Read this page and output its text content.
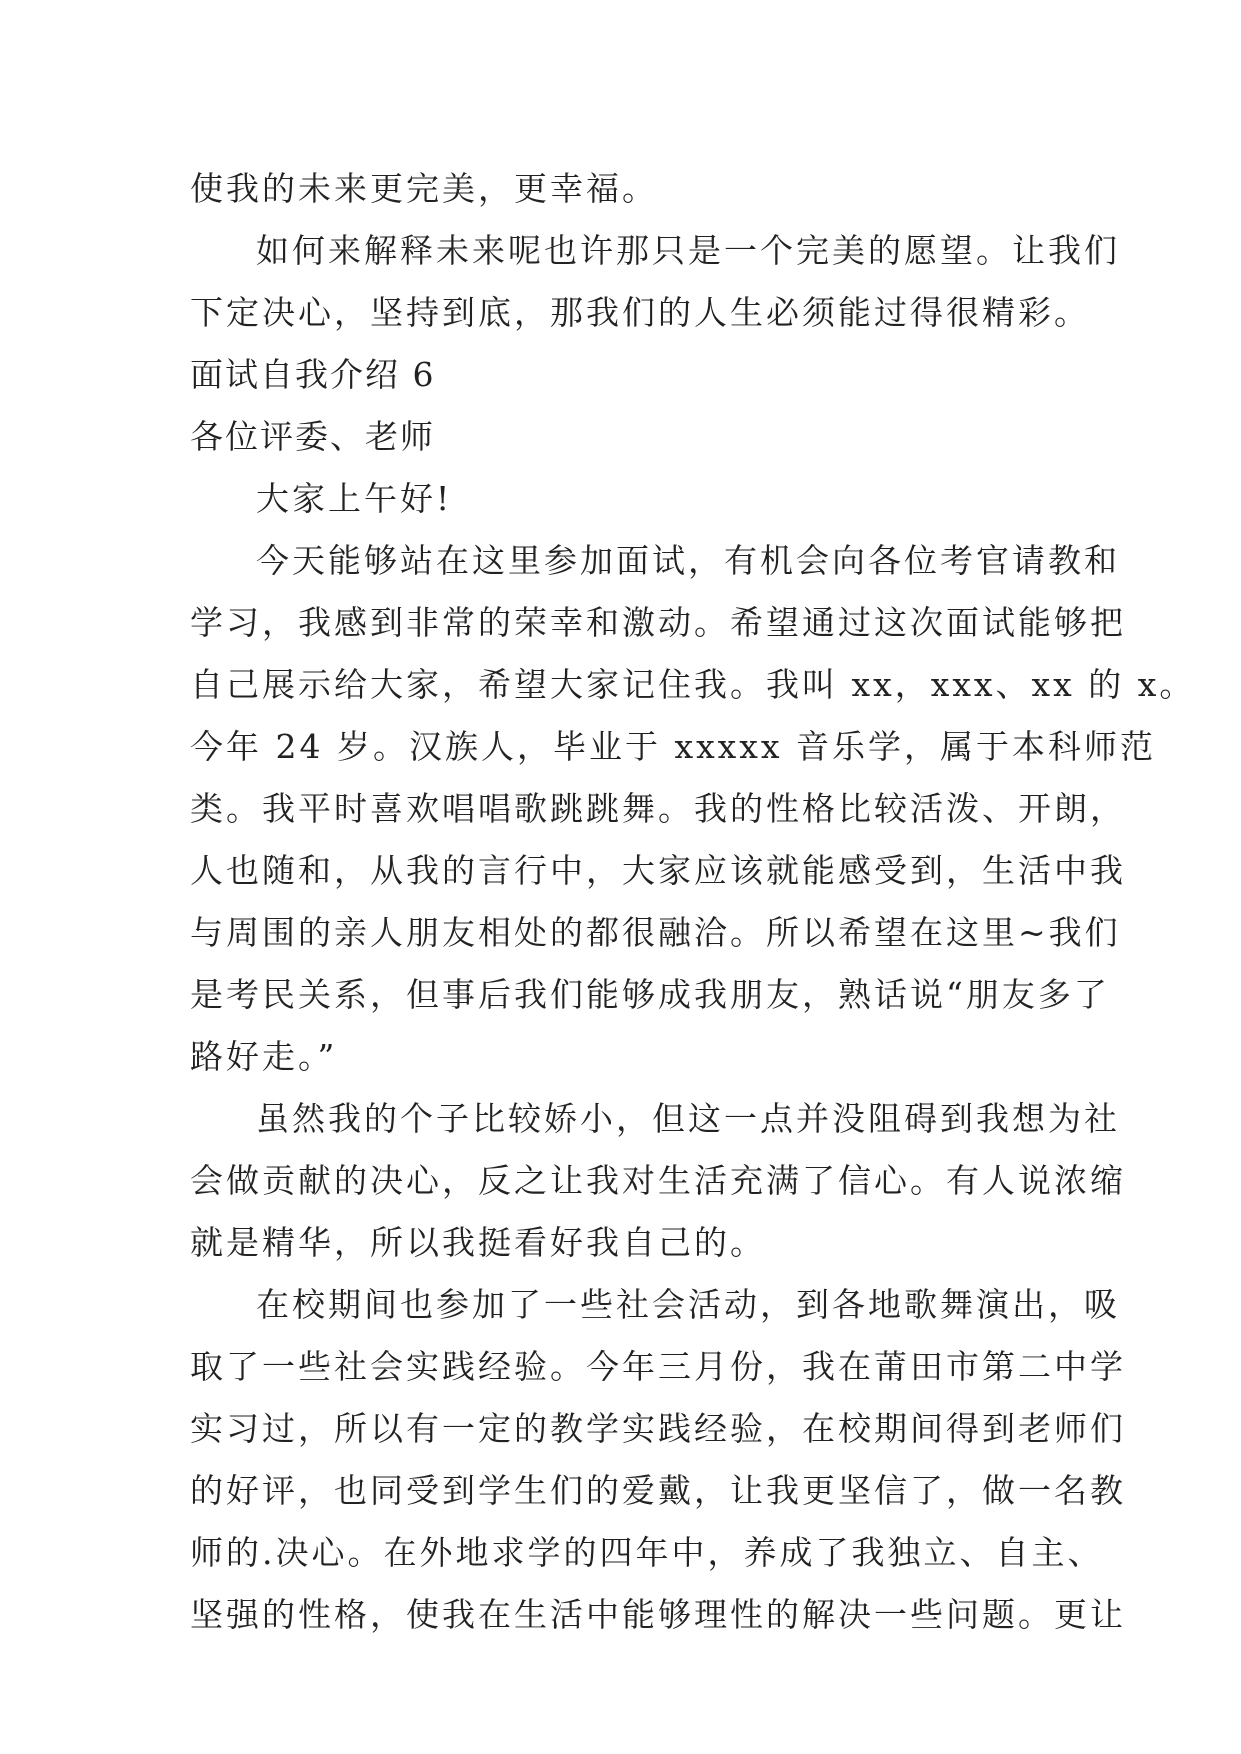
使我的未来更完美，更幸福。
如何来解释未来呢也许那只是一个完美的愿望。让我们
下定决心，坚持到底，那我们的人生必须能过得很精彩。
面试自我介绍 6
各位评委、老师
大家上午好!
今天能够站在这里参加面试，有机会向各位考官请教和
学习，我感到非常的荣幸和激动。希望通过这次面试能够把
自己展示给大家，希望大家记住我。我叫 xx，xxx、xx 的 x。
今年 24 岁。汉族人，毕业于 xxxxx 音乐学，属于本科师范
类。我平时喜欢唱唱歌跳跳舞。我的性格比较活泼、开朗，
人也随和，从我的言行中，大家应该就能感受到，生活中我
与周围的亲人朋友相处的都很融洽。所以希望在这里~我们
是考民关系，但事后我们能够成我朋友，熟话说“朋友多了
路好走。”
虽然我的个子比较娇小，但这一点并没阻碍到我想为社
会做贡献的决心，反之让我对生活充满了信心。有人说浓缩
就是精华，所以我挺看好我自己的。
在校期间也参加了一些社会活动，到各地歌舞演出，吸
取了一些社会实践经验。今年三月份，我在莆田市第二中学
实习过，所以有一定的教学实践经验，在校期间得到老师们
的好评，也同受到学生们的爱戴，让我更坚信了，做一名教
师的.决心。在外地求学的四年中，养成了我独立、自主、
坚强的性格，使我在生活中能够理性的解决一些问题。更让
